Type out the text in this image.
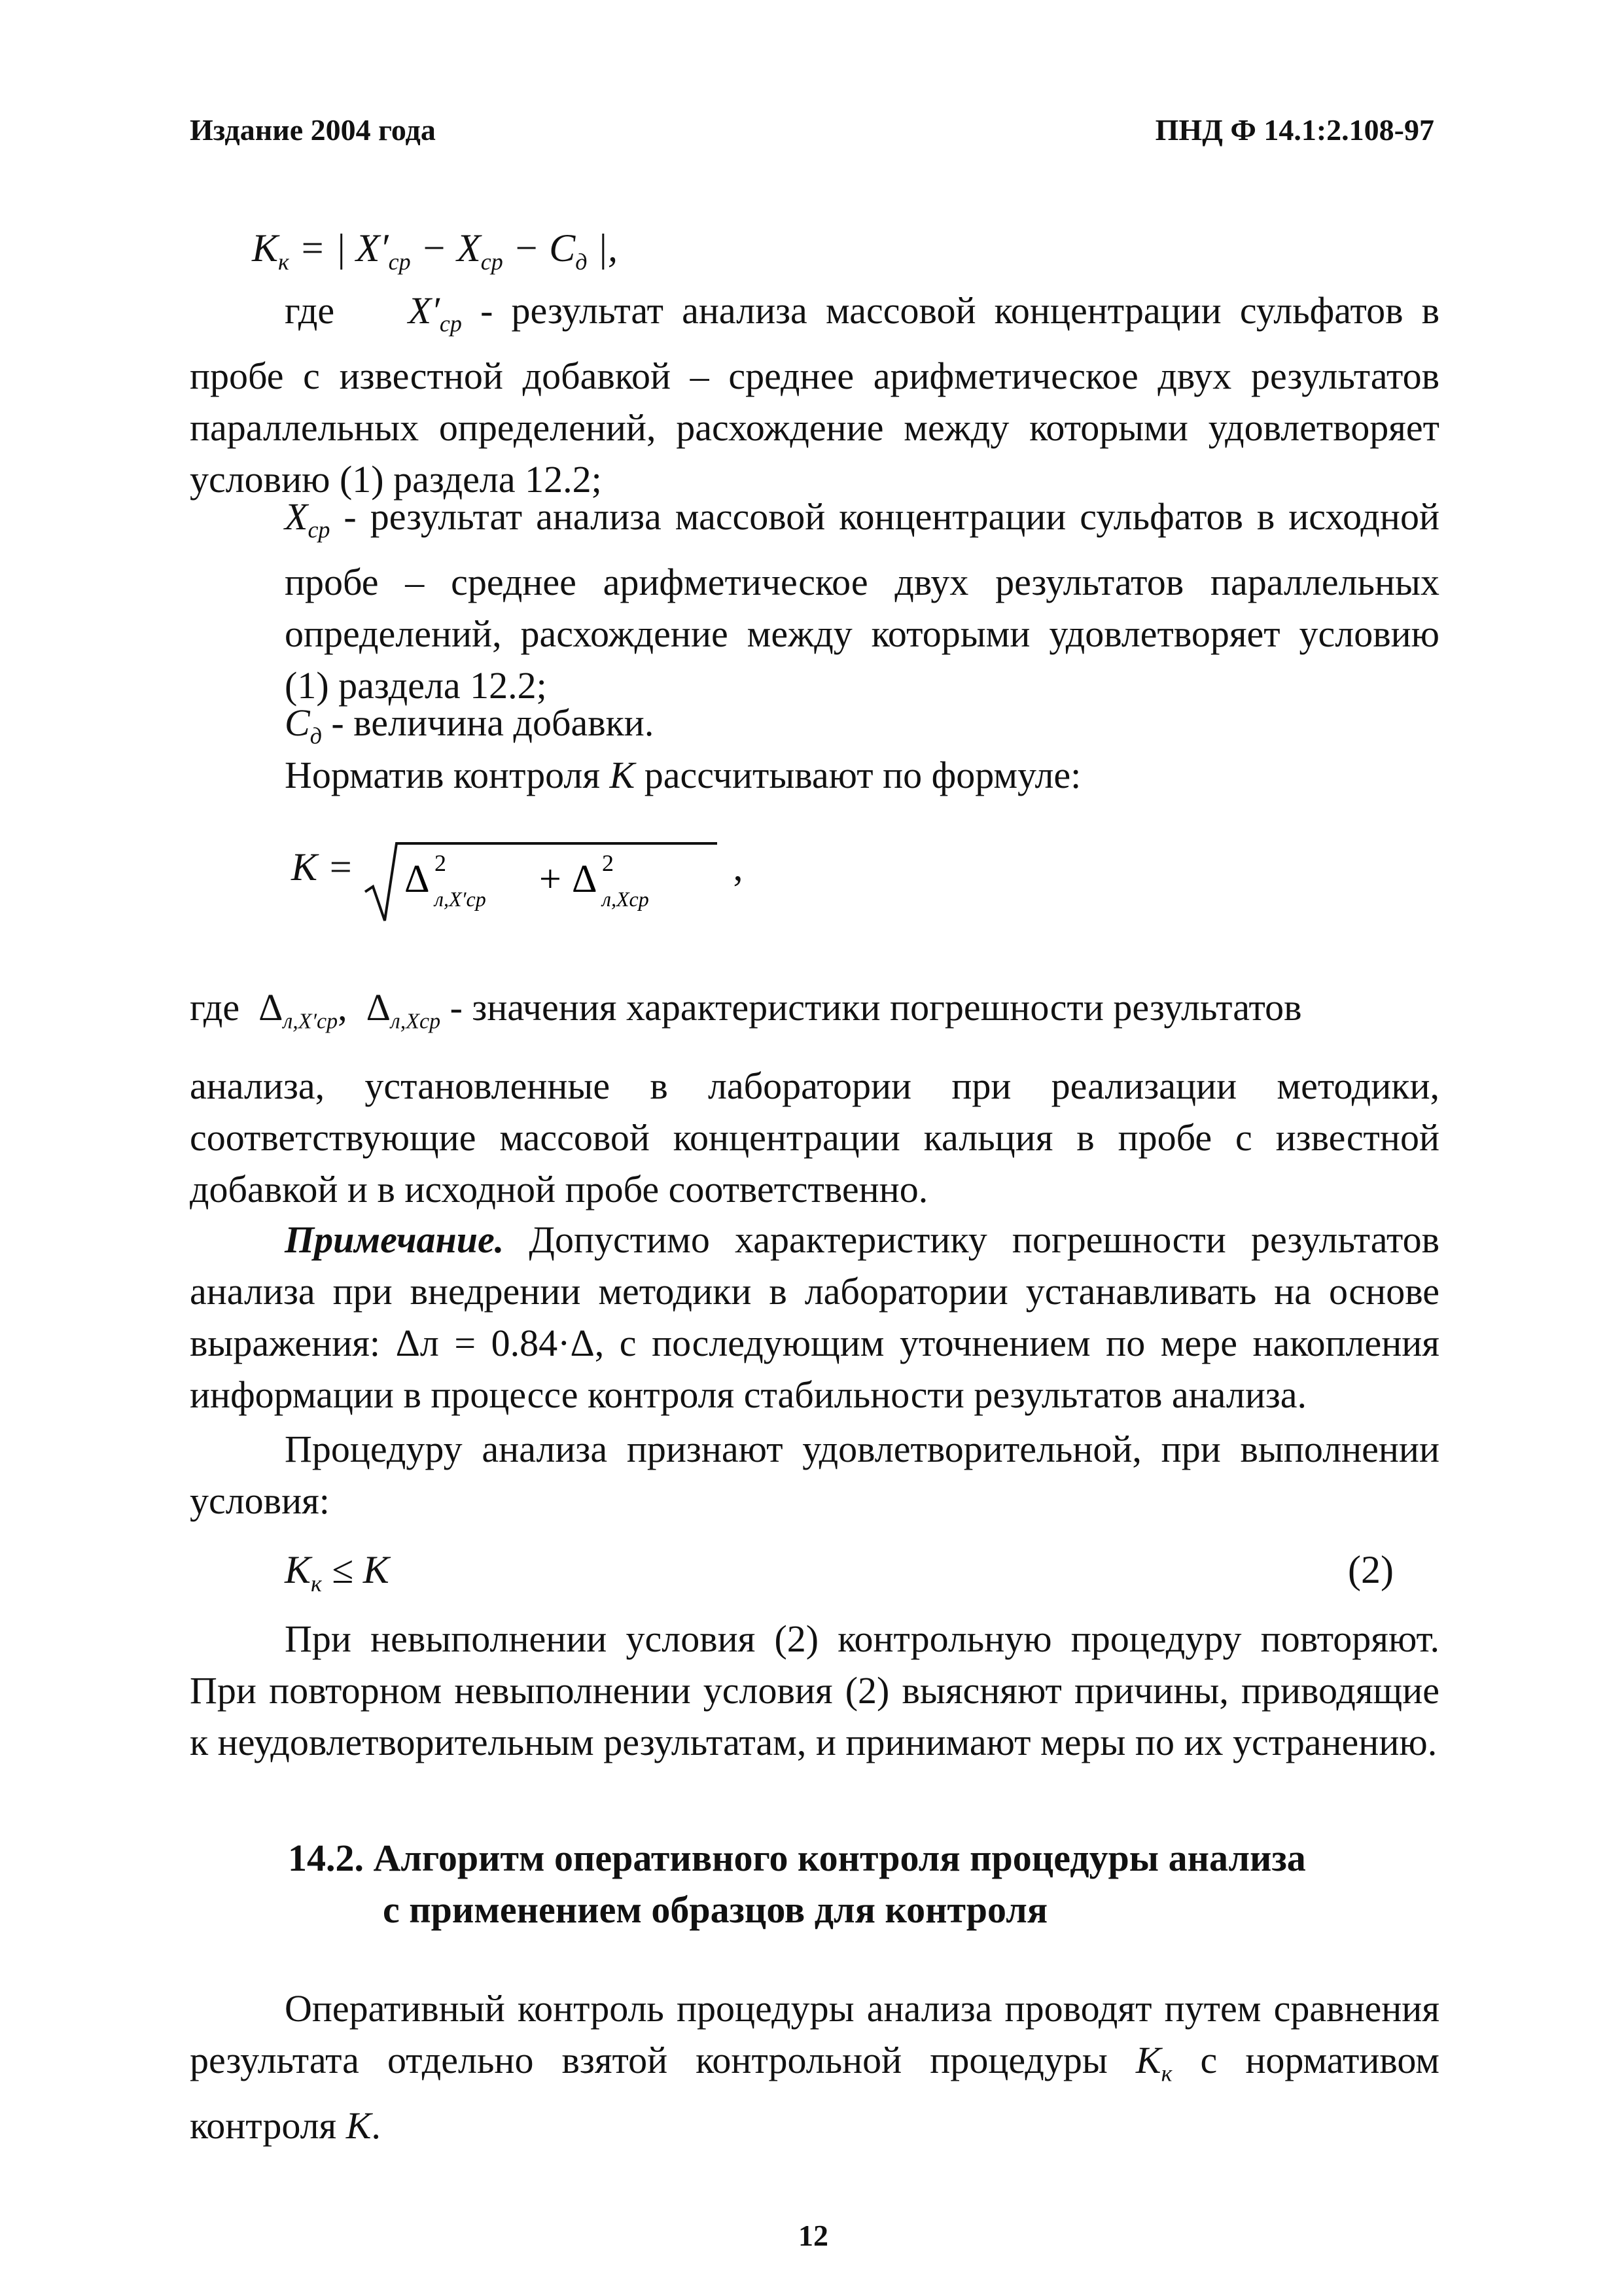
Издание 2004 года	ПНД Ф 14.1:2.108-97
$K_к$ = | $X'_{ср} - X_{ср} - C_д$ |,
где $X'_{ср}$ - результат анализа массовой концентрации сульфатов в пробе с известной добавкой – среднее арифметическое двух результатов параллельных определений, расхождение между которыми удовлетворяет условию (1) раздела 12.2;
$X_{ср}$ - результат анализа массовой концентрации сульфатов в исходной пробе – среднее арифметическое двух результатов параллельных определений, расхождение между которыми удовлетворяет условию (1) раздела 12.2;
$C_д$ - величина добавки.
Норматив контроля K рассчитывают по формуле:
K = Δ 2
л,X′ср + Δ 2
л,Xср
,
где $\Delta_{л,X'ср}$, $\Delta_{л,Xср}$ - значения характеристики погрешности результатов
анализа, установленные в лаборатории при реализации методики, соответствующие массовой концентрации кальция в пробе с известной добавкой и в исходной пробе соответственно.
Примечание. Допустимо характеристику погрешности результатов анализа при внедрении методики в лаборатории устанавливать на основе выражения: Δл = 0.84·Δ, с последующим уточнением по мере накопления информации в процессе контроля стабильности результатов анализа.
Процедуру анализа признают удовлетворительной, при выполнении условия:
$K_к \le K$	(2)
При невыполнении условия (2) контрольную процедуру повторяют. При повторном невыполнении условия (2) выясняют причины, приводящие к неудовлетворительным результатам, и принимают меры по их устранению.
14.2. Алгоритм оперативного контроля процедуры анализа
с применением образцов для контроля
Оперативный контроль процедуры анализа проводят путем сравнения результата отдельно взятой контрольной процедуры $K_к$ с нормативом контроля K.
12
